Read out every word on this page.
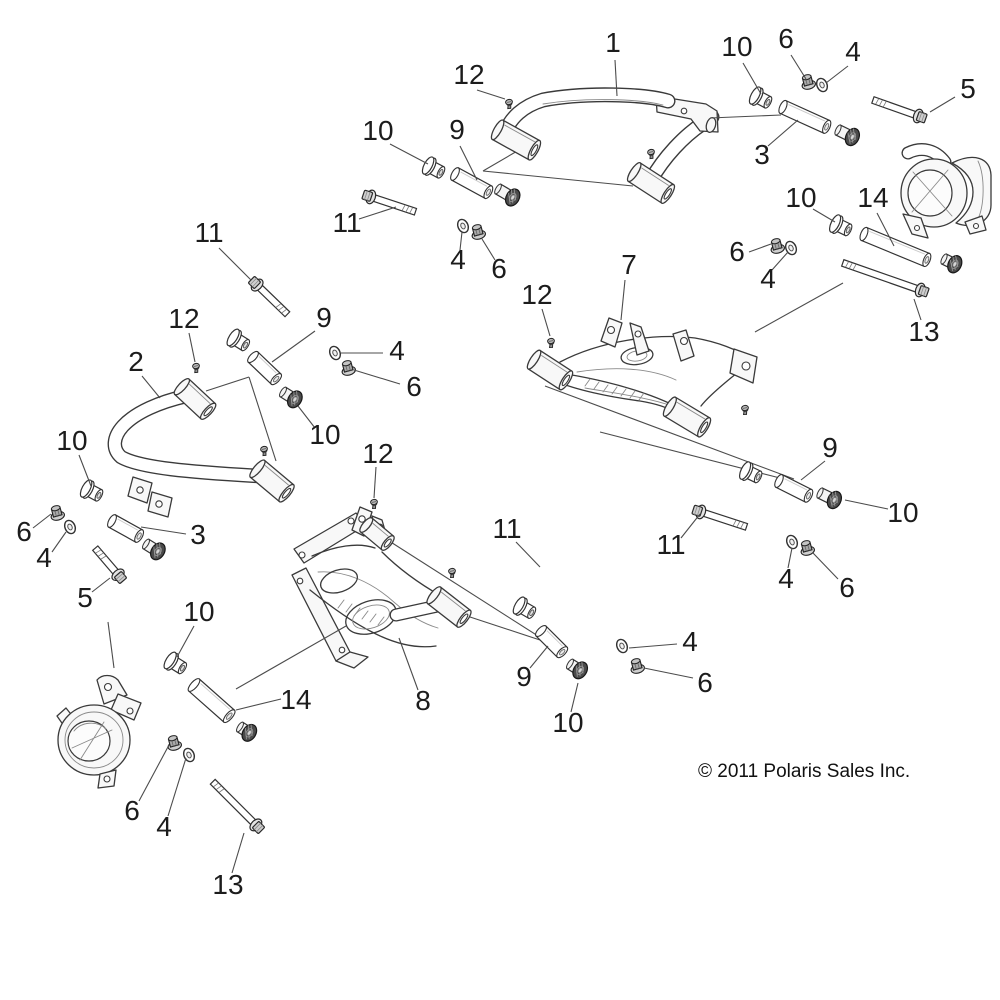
1
12
10 6 4
5
3
10 9
11
4 6
14
10
13
6
4
7
12
2
11
12	9
4
6
10
10
6
4
3
5	10
14
6
4
13
12
8
9
10
4
6
11
11
9
10
4 6
© 2011 Polaris Sales Inc.
